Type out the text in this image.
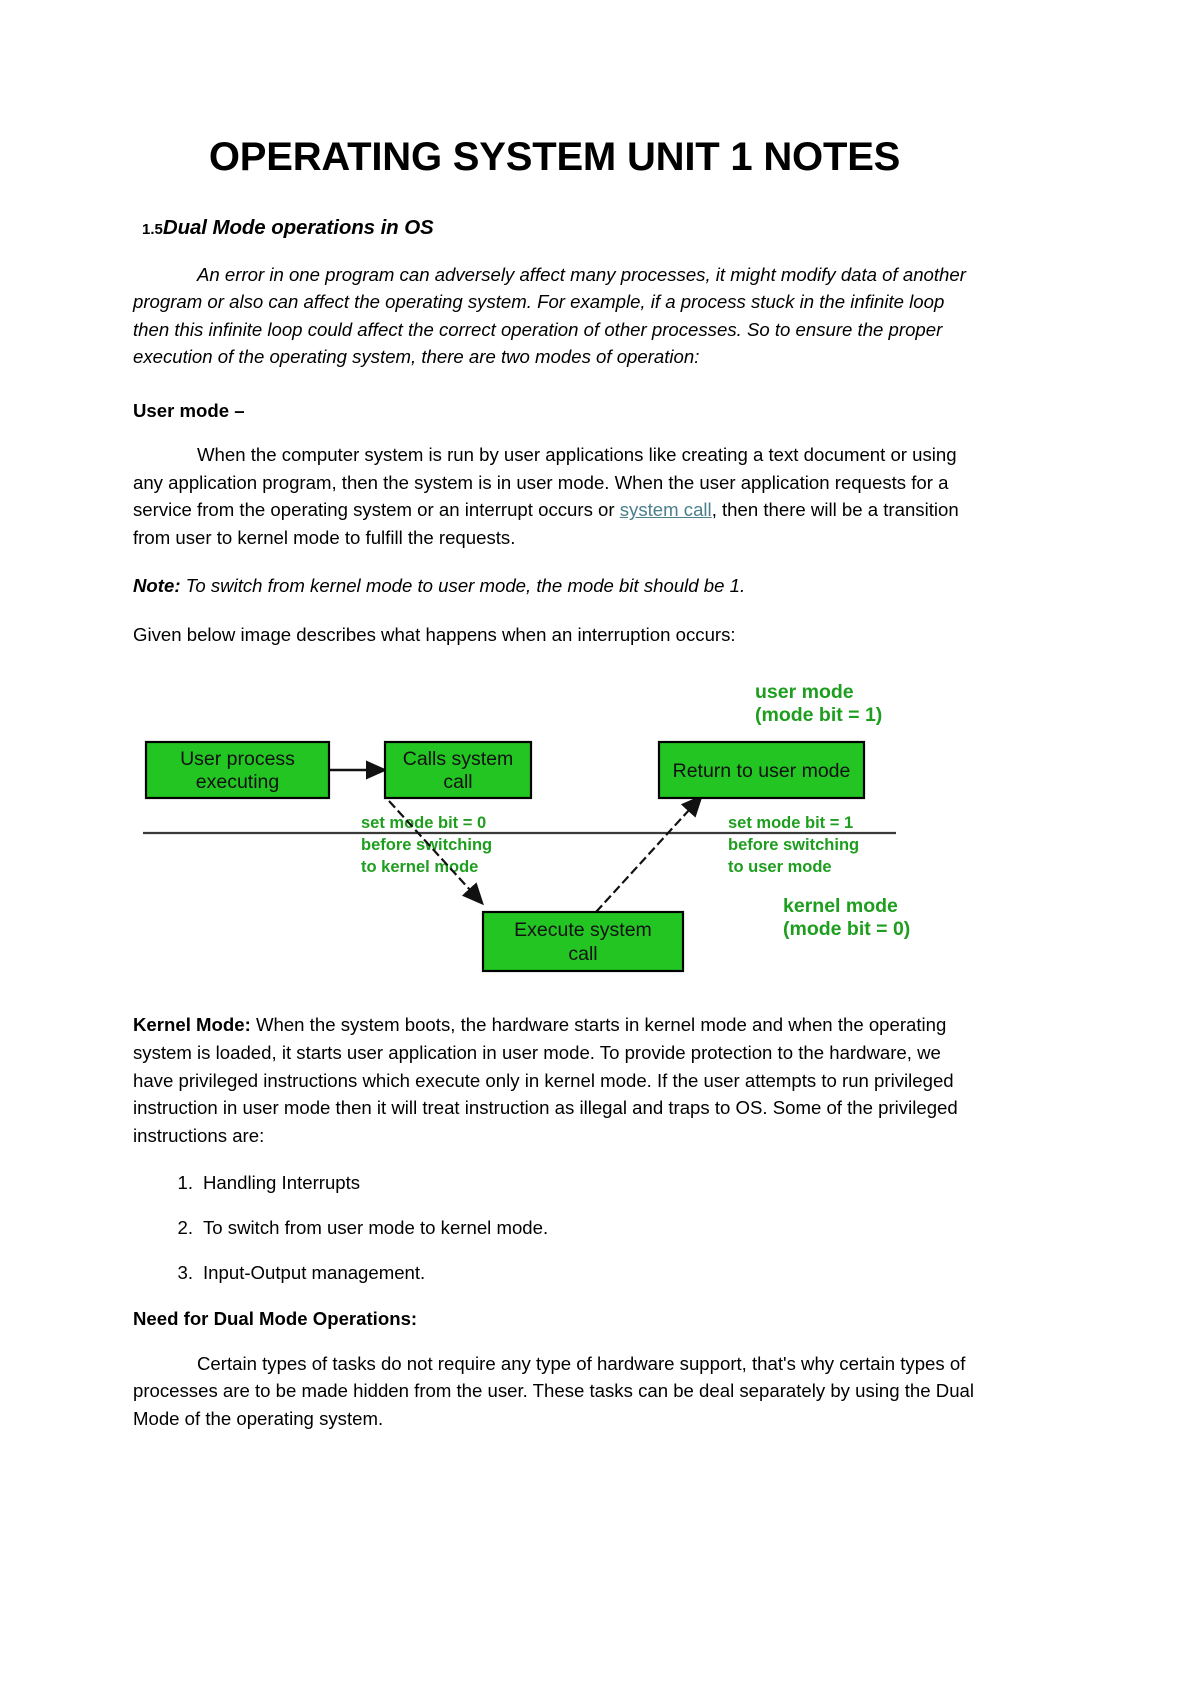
OPERATING SYSTEM UNIT 1 NOTES
1.5Dual Mode operations in OS

An error in one program can adversely affect many processes, it might modify data of another program or also can affect the operating system. For example, if a process stuck in the infinite loop then this infinite loop could affect the correct operation of other processes. So to ensure the proper execution of the operating system, there are two modes of operation:

User mode –

When the computer system is run by user applications like creating a text document or using any application program, then the system is in user mode. When the user application requests for a service from the operating system or an interrupt occurs or system call, then there will be a transition from user to kernel mode to fulfill the requests.

Note: To switch from kernel mode to user mode, the mode bit should be 1.

Given below image describes what happens when an interruption occurs:

user mode
(mode bit = 1)
kernel mode
(mode bit = 0)
set mode bit = 0
before switching
to kernel mode
set mode bit = 1
before switching
to user mode
User process
executing
Calls system
call	Return to user mode
Execute system
call

Kernel Mode: When the system boots, the hardware starts in kernel mode and when the operating system is loaded, it starts user application in user mode. To provide protection to the hardware, we have privileged instructions which execute only in kernel mode. If the user attempts to run privileged instruction in user mode then it will treat instruction as illegal and traps to OS. Some of the privileged instructions are:

Handling Interrupts
To switch from user mode to kernel mode.
Input-Output management.

Need for Dual Mode Operations:

Certain types of tasks do not require any type of hardware support, that's why certain types of processes are to be made hidden from the user. These tasks can be deal separately by using the Dual Mode of the operating system.
